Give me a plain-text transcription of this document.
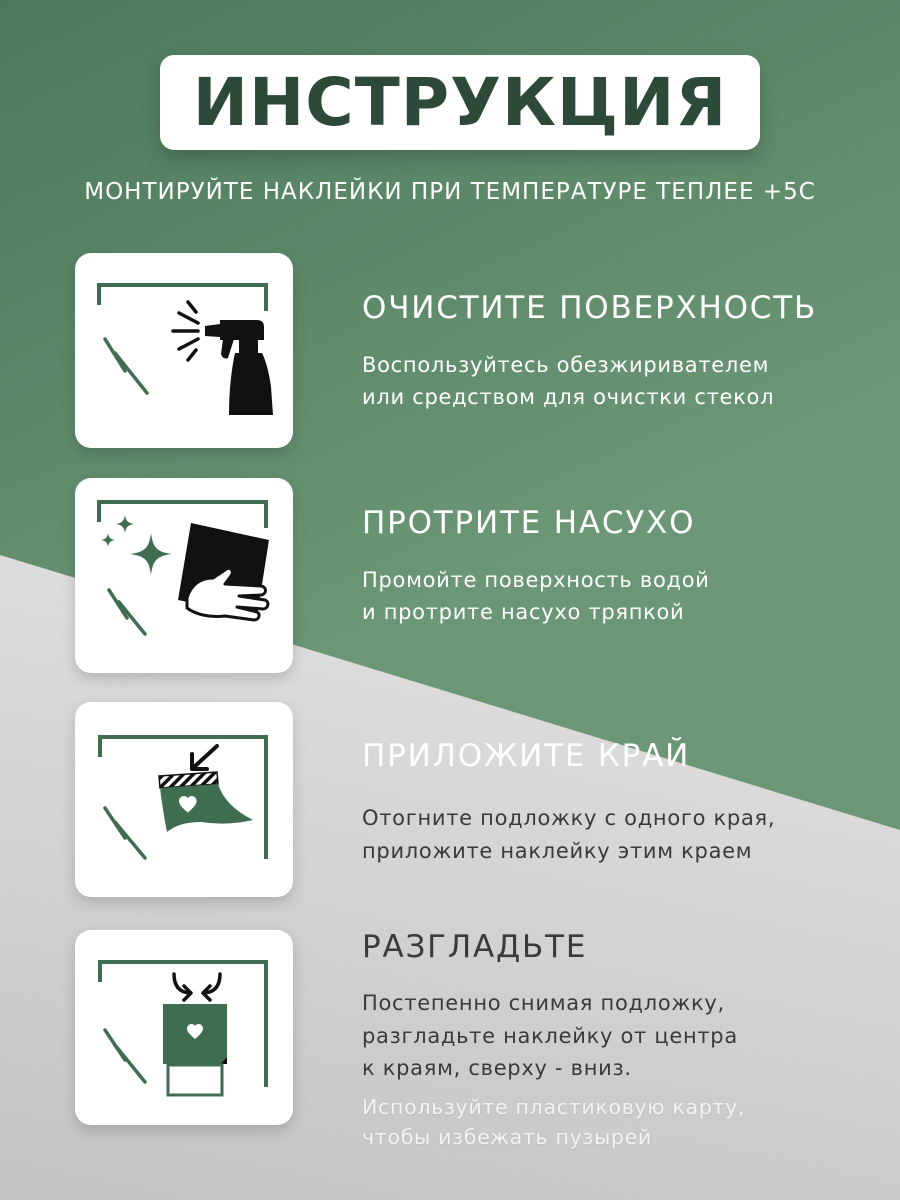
ИНСТРУКЦИЯ
МОНТИРУЙТЕ НАКЛЕЙКИ ПРИ ТЕМПЕРАТУРЕ ТЕПЛЕЕ +5С
ОЧИСТИТЕ ПОВЕРХНОСТЬ
Воспользуйтесь обезжиривателем
или средством для очистки стекол
ПРОТРИТЕ НАСУХО
Промойте поверхность водой
и протрите насухо тряпкой
ПРИЛОЖИТЕ КРАЙ
Отогните подложку с одного края,
приложите наклейку этим краем
РАЗГЛАДЬТЕ
Постепенно снимая подложку,
разгладьте наклейку от центра
к краям, сверху - вниз.
Используйте пластиковую карту,
чтобы избежать пузырей
